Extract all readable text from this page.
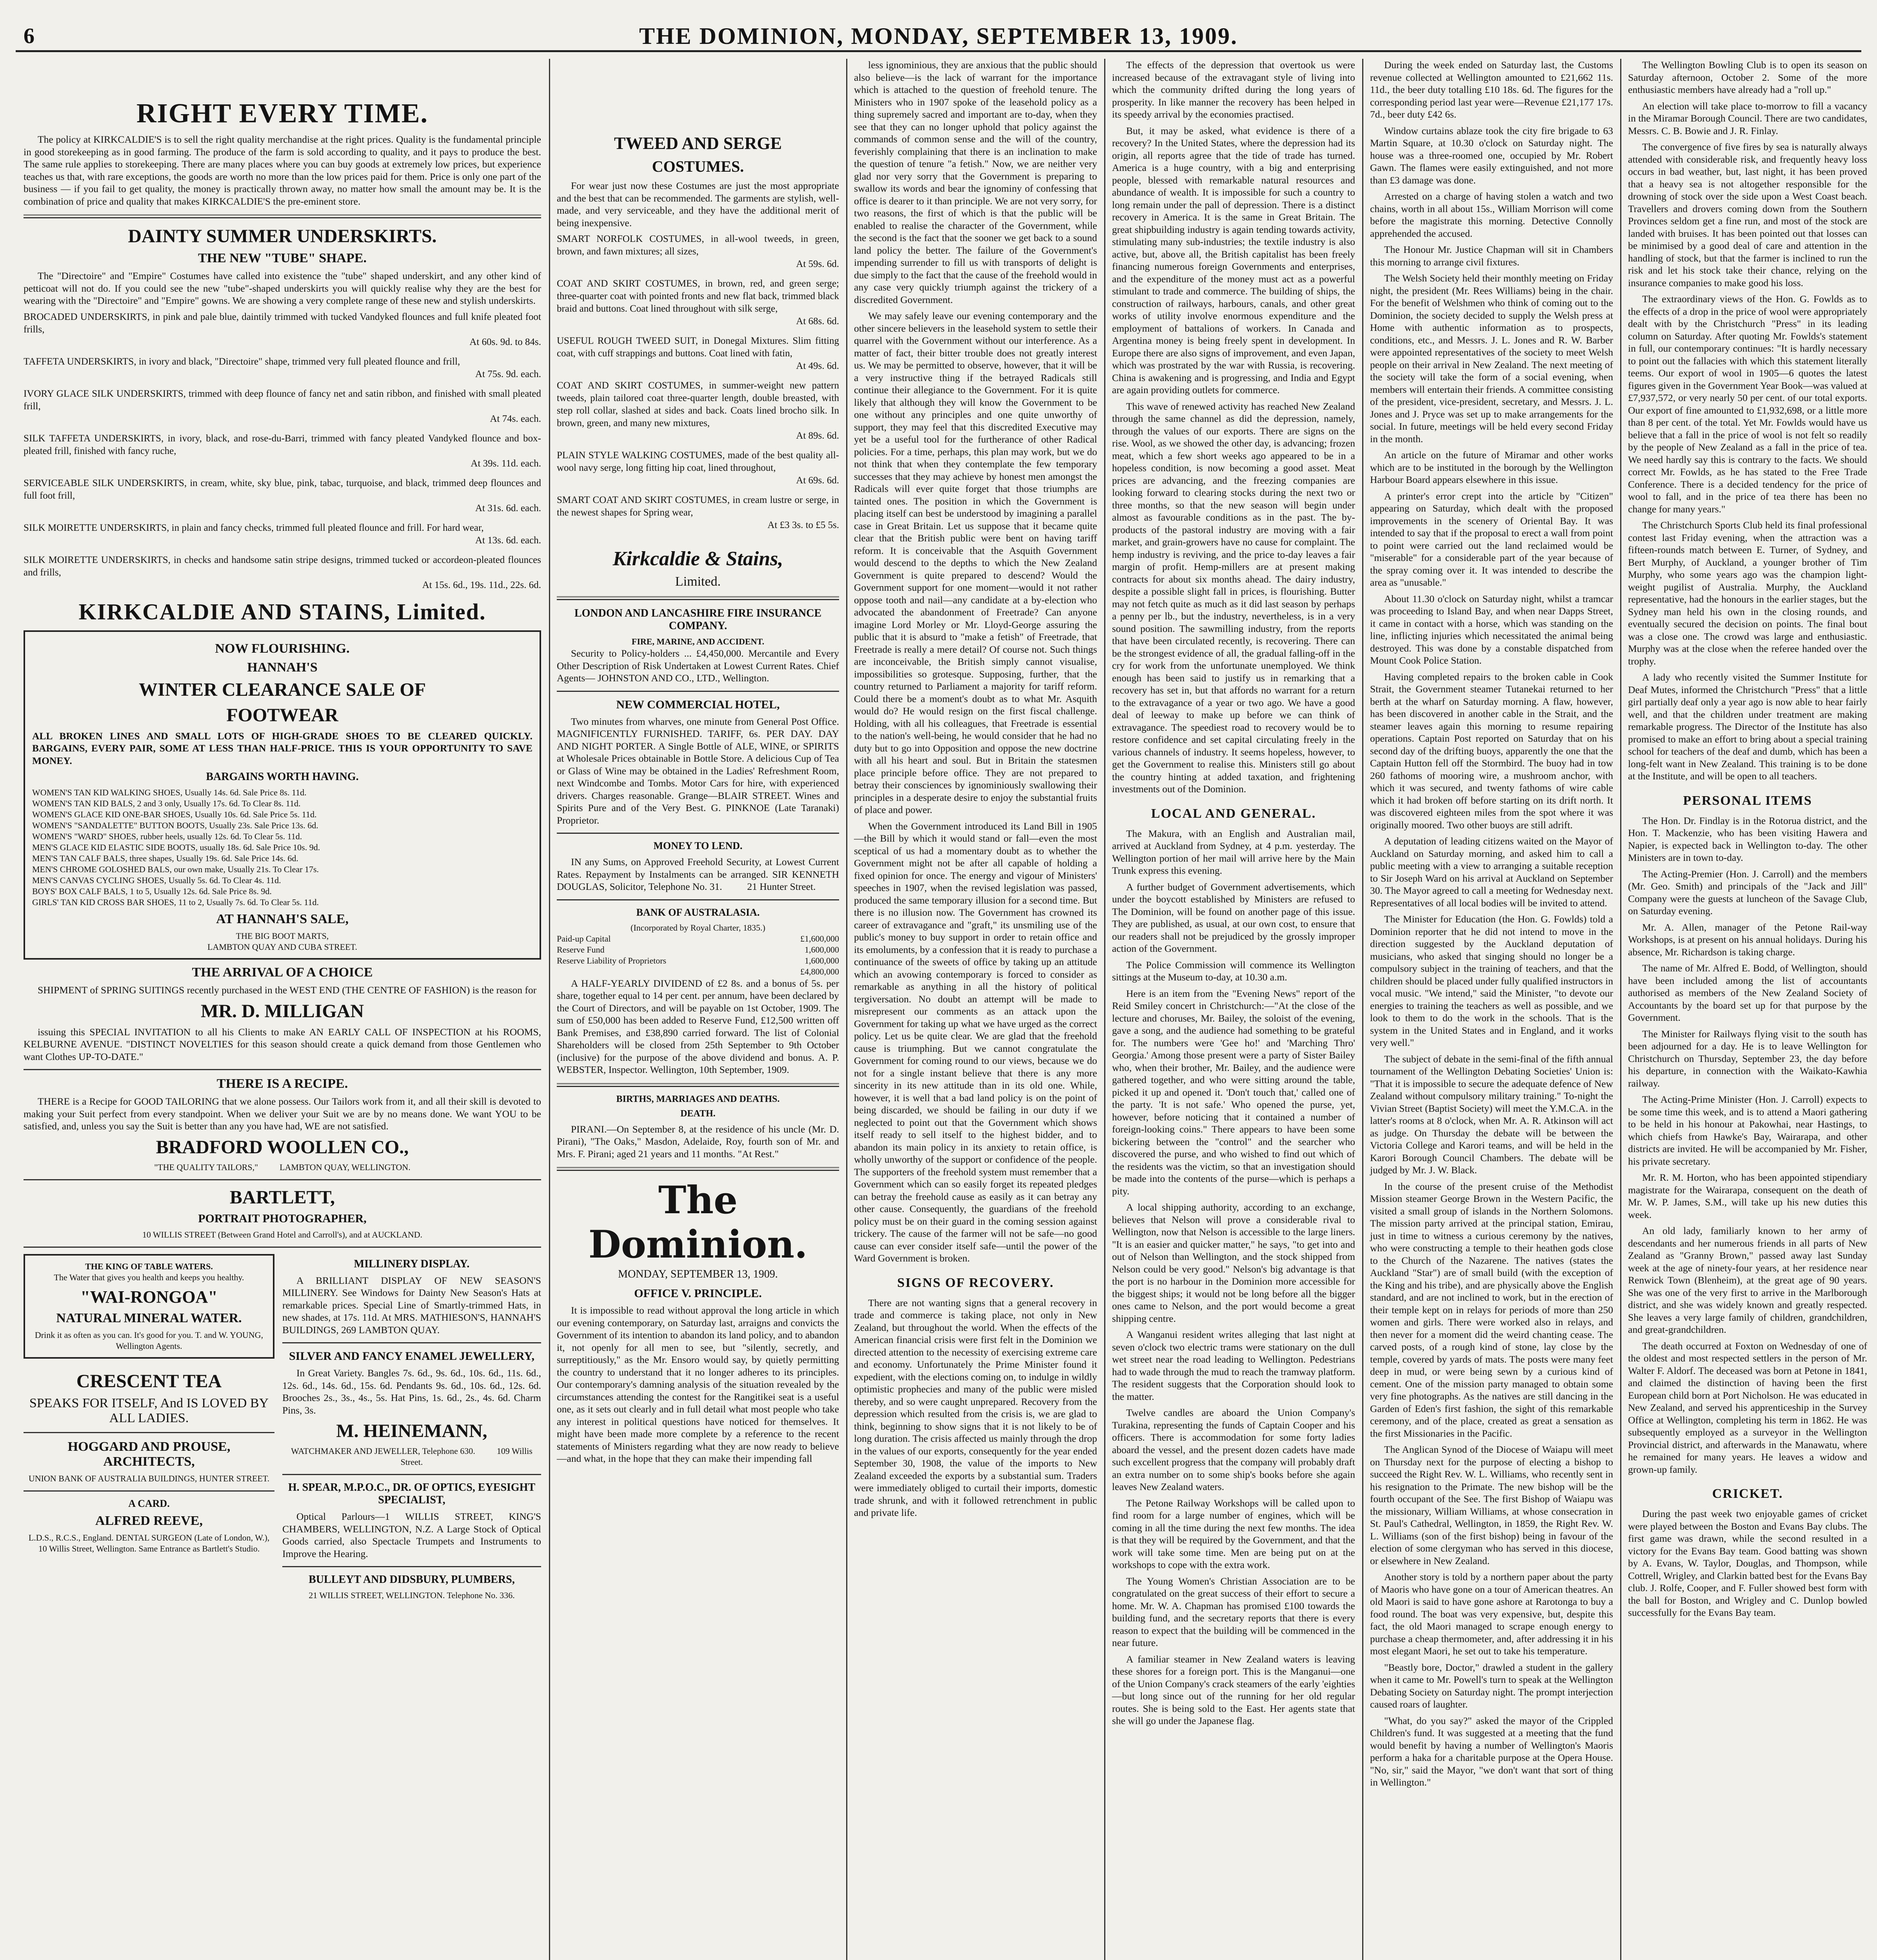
6	THE DOMINION, MONDAY, SEPTEMBER 13, 1909.
RIGHT EVERY TIME.

The policy at KIRKCALDIE'S is to sell the right quality merchandise at the right prices. Quality is the fundamental principle in good storekeeping as in good farming. The produce of the farm is sold according to quality, and it pays to produce the best. The same rule applies to storekeeping. There are many places where you can buy goods at extremely low prices, but experience teaches us that, with rare exceptions, the goods are worth no more than the low prices paid for them. Price is only one part of the business — if you fail to get quality, the money is practically thrown away, no matter how small the amount may be. It is the combination of price and quality that makes KIRKCALDIE'S the pre-eminent store.

DAINTY SUMMER UNDERSKIRTS.
THE NEW "TUBE" SHAPE.

The "Directoire" and "Empire" Costumes have called into existence the "tube" shaped underskirt, and any other kind of petticoat will not do. If you could see the new "tube"-shaped underskirts you will quickly realise why they are the best for wearing with the "Directoire" and "Empire" gowns. We are showing a very complete range of these new and stylish underskirts.

BROCADED UNDERSKIRTS, in pink and pale blue, daintily trimmed with tucked Vandyked flounces and full knife pleated foot frills,
At 60s. 9d. to 84s.
TAFFETA UNDERSKIRTS, in ivory and black, "Directoire" shape, trimmed very full pleated flounce and frill,
At 75s. 9d. each.
IVORY GLACE SILK UNDERSKIRTS, trimmed with deep flounce of fancy net and satin ribbon, and finished with small pleated frill,
At 74s. each.
SILK TAFFETA UNDERSKIRTS, in ivory, black, and rose-du-Barri, trimmed with fancy pleated Vandyked flounce and box-pleated frill, finished with fancy ruche,
At 39s. 11d. each.
SERVICEABLE SILK UNDERSKIRTS, in cream, white, sky blue, pink, tabac, turquoise, and black, trimmed deep flounces and full foot frill,
At 31s. 6d. each.
SILK MOIRETTE UNDERSKIRTS, in plain and fancy checks, trimmed full pleated flounce and frill. For hard wear,
At 13s. 6d. each.
SILK MOIRETTE UNDERSKIRTS, in checks and handsome satin stripe designs, trimmed tucked or accordeon-pleated flounces and frills,
At 15s. 6d., 19s. 11d., 22s. 6d.
KIRKCALDIE AND STAINS, Limited.
NOW FLOURISHING.
HANNAH'S
WINTER CLEARANCE SALE OF
FOOTWEAR

ALL BROKEN LINES AND SMALL LOTS OF HIGH-GRADE SHOES TO BE CLEARED QUICKLY. BARGAINS, EVERY PAIR, SOME AT LESS THAN HALF-PRICE. THIS IS YOUR OPPORTUNITY TO SAVE MONEY.

BARGAINS WORTH HAVING.
WOMEN'S TAN KID WALKING SHOES, Usually 14s. 6d. Sale Price 8s. 11d.
WOMEN'S TAN KID BALS, 2 and 3 only, Usually 17s. 6d. To Clear 8s. 11d.
WOMEN'S GLACE KID ONE-BAR SHOES, Usually 10s. 6d. Sale Price 5s. 11d.
WOMEN'S "SANDALETTE" BUTTON BOOTS, Usually 23s. Sale Price 13s. 6d.
WOMEN'S "WARD" SHOES, rubber heels, usually 12s. 6d. To Clear 5s. 11d.
MEN'S GLACE KID ELASTIC SIDE BOOTS, usually 18s. 6d. Sale Price 10s. 9d.
MEN'S TAN CALF BALS, three shapes, Usually 19s. 6d. Sale Price 14s. 6d.
MEN'S CHROME GOLOSHED BALS, our own make, Usually 21s. To Clear 17s.
MEN'S CANVAS CYCLING SHOES, Usually 5s. 6d. To Clear 4s. 11d.
BOYS' BOX CALF BALS, 1 to 5, Usually 12s. 6d. Sale Price 8s. 9d.
GIRLS' TAN KID CROSS BAR SHOES, 11 to 2, Usually 7s. 6d. To Clear 5s. 11d.
AT HANNAH'S SALE,
THE BIG BOOT MARTS,
LAMBTON QUAY AND CUBA STREET.
THE ARRIVAL OF A CHOICE

SHIPMENT of SPRING SUITINGS recently purchased in the WEST END (THE CENTRE OF FASHION) is the reason for

MR. D. MILLIGAN

issuing this SPECIAL INVITATION to all his Clients to make AN EARLY CALL OF INSPECTION at his ROOMS, KELBURNE AVENUE. "DISTINCT NOVELTIES for this season should create a quick demand from those Gentlemen who want Clothes UP-TO-DATE."

THERE IS A RECIPE.

THERE is a Recipe for GOOD TAILORING that we alone possess. Our Tailors work from it, and all their skill is devoted to making your Suit perfect from every standpoint. When we deliver your Suit we are by no means done. We want YOU to be satisfied, and, unless you say the Suit is better than any you have had, WE are not satisfied.

BRADFORD WOOLLEN CO.,
"THE QUALITY TAILORS,"          LAMBTON QUAY, WELLINGTON.
BARTLETT,
PORTRAIT PHOTOGRAPHER,
10 WILLIS STREET (Between Grand Hotel and Carroll's), and at AUCKLAND.
THE KING OF TABLE WATERS.
The Water that gives you health and keeps you healthy.
"WAI-RONGOA"
NATURAL MINERAL WATER.
Drink it as often as you can. It's good for you. T. and W. YOUNG, Wellington Agents.
CRESCENT TEA
SPEAKS FOR ITSELF, And IS LOVED BY ALL LADIES.
HOGGARD AND PROUSE, ARCHITECTS,
UNION BANK OF AUSTRALIA BUILDINGS, HUNTER STREET.
A CARD.
ALFRED REEVE,
L.D.S., R.C.S., England. DENTAL SURGEON (Late of London, W.), 10 Willis Street, Wellington. Same Entrance as Bartlett's Studio.
MILLINERY DISPLAY.

A BRILLIANT DISPLAY OF NEW SEASON'S MILLINERY. See Windows for Dainty New Season's Hats at remarkable prices. Special Line of Smartly-trimmed Hats, in new shades, at 17s. 11d. At MRS. MATHIESON'S, HANNAH'S BUILDINGS, 269 LAMBTON QUAY.

SILVER AND FANCY ENAMEL JEWELLERY,

In Great Variety. Bangles 7s. 6d., 9s. 6d., 10s. 6d., 11s. 6d., 12s. 6d., 14s. 6d., 15s. 6d. Pendants 9s. 6d., 10s. 6d., 12s. 6d. Brooches 2s., 3s., 4s., 5s. Hat Pins, 1s. 6d., 2s., 4s. 6d. Charm Pins, 3s.

M. HEINEMANN,
WATCHMAKER AND JEWELLER, Telephone 630.          109 Willis Street.
H. SPEAR, M.P.O.C., DR. OF OPTICS, EYESIGHT SPECIALIST,

Optical Parlours—1 WILLIS STREET, KING'S CHAMBERS, WELLINGTON, N.Z. A Large Stock of Optical Goods carried, also Spectacle Trumpets and Instruments to Improve the Hearing.

BULLEYT AND DIDSBURY, PLUMBERS,
21 WILLIS STREET, WELLINGTON. Telephone No. 336.
TWEED AND SERGE
COSTUMES.

For wear just now these Costumes are just the most appropriate and the best that can be recommended. The garments are stylish, well-made, and very serviceable, and they have the additional merit of being inexpensive.

SMART NORFOLK COSTUMES, in all-wool tweeds, in green, brown, and fawn mixtures; all sizes,
At 59s. 6d.
COAT AND SKIRT COSTUMES, in brown, red, and green serge; three-quarter coat with pointed fronts and new flat back, trimmed black braid and buttons. Coat lined throughout with silk serge,
At 68s. 6d.
USEFUL ROUGH TWEED SUIT, in Donegal Mixtures. Slim fitting coat, with cuff strappings and buttons. Coat lined with fatin,
At 49s. 6d.
COAT AND SKIRT COSTUMES, in summer-weight new pattern tweeds, plain tailored coat three-quarter length, double breasted, with step roll collar, slashed at sides and back. Coats lined brocho silk. In brown, green, and many new mixtures,
At 89s. 6d.
PLAIN STYLE WALKING COSTUMES, made of the best quality all-wool navy serge, long fitting hip coat, lined throughout,
At 69s. 6d.
SMART COAT AND SKIRT COSTUMES, in cream lustre or serge, in the newest shapes for Spring wear,
At £3 3s. to £5 5s.
Kirkcaldie & Stains,
Limited.
LONDON AND LANCASHIRE FIRE INSURANCE COMPANY.
FIRE, MARINE, AND ACCIDENT.

Security to Policy-holders ... £4,450,000. Mercantile and Every Other Description of Risk Undertaken at Lowest Current Rates. Chief Agents— JOHNSTON AND CO., LTD., Wellington.

NEW COMMERCIAL HOTEL,

Two minutes from wharves, one minute from General Post Office. MAGNIFICENTLY FURNISHED. TARIFF, 6s. PER DAY. DAY AND NIGHT PORTER. A Single Bottle of ALE, WINE, or SPIRITS at Wholesale Prices obtainable in Bottle Store. A delicious Cup of Tea or Glass of Wine may be obtained in the Ladies' Refreshment Room, next Windcombe and Tombs. Motor Cars for hire, with experienced drivers. Charges reasonable. Grange—BLAIR STREET. Wines and Spirits Pure and of the Very Best. G. PINKNOE (Late Taranaki) Proprietor.

MONEY TO LEND.

IN any Sums, on Approved Freehold Security, at Lowest Current Rates. Repayment by Instalments can be arranged. SIR KENNETH DOUGLAS, Solicitor, Telephone No. 31.          21 Hunter Street.

BANK OF AUSTRALASIA.
(Incorporated by Royal Charter, 1835.)
Paid-up Capital	£1,600,000
Reserve Fund	1,600,000
Reserve Liability of Proprietors	1,600,000
£4,800,000

A HALF-YEARLY DIVIDEND of £2 8s. and a bonus of 5s. per share, together equal to 14 per cent. per annum, have been declared by the Court of Directors, and will be payable on 1st October, 1909. The sum of £50,000 has been added to Reserve Fund, £12,500 written off Bank Premises, and £38,890 carried forward. The list of Colonial Shareholders will be closed from 25th September to 9th October (inclusive) for the purpose of the above dividend and bonus. A. P. WEBSTER, Inspector. Wellington, 10th September, 1909.

BIRTHS, MARRIAGES AND DEATHS.
DEATH.

PIRANI.—On September 8, at the residence of his uncle (Mr. D. Pirani), "The Oaks," Masdon, Adelaide, Roy, fourth son of Mr. and Mrs. F. Pirani; aged 21 years and 11 months. "At Rest."

The Dominion.
MONDAY, SEPTEMBER 13, 1909.
OFFICE V. PRINCIPLE.

It is impossible to read without approval the long article in which our evening contemporary, on Saturday last, arraigns and convicts the Government of its intention to abandon its land policy, and to abandon it, not openly for all men to see, but "silently, secretly, and surreptitiously," as the Mr. Ensoro would say, by quietly permitting the country to understand that it no longer adheres to its principles. Our contemporary's damning analysis of the situation revealed by the circumstances attending the contest for the Rangitikei seat is a useful one, as it sets out clearly and in full detail what most people who take any interest in political questions have noticed for themselves. It might have been made more complete by a reference to the recent statements of Ministers regarding what they are now ready to believe—and what, in the hope that they can make their impending fall

less ignominious, they are anxious that the public should also believe—is the lack of warrant for the importance which is attached to the question of freehold tenure. The Ministers who in 1907 spoke of the leasehold policy as a thing supremely sacred and important are to-day, when they see that they can no longer uphold that policy against the commands of common sense and the will of the country, feverishly complaining that there is an inclination to make the question of tenure "a fetish." Now, we are neither very glad nor very sorry that the Government is preparing to swallow its words and bear the ignominy of confessing that office is dearer to it than principle. We are not very sorry, for two reasons, the first of which is that the public will be enabled to realise the character of the Government, while the second is the fact that the sooner we get back to a sound land policy the better. The failure of the Government's impending surrender to fill us with transports of delight is due simply to the fact that the cause of the freehold would in any case very quickly triumph against the trickery of a discredited Government.

We may safely leave our evening contemporary and the other sincere believers in the leasehold system to settle their quarrel with the Government without our interference. As a matter of fact, their bitter trouble does not greatly interest us. We may be permitted to observe, however, that it will be a very instructive thing if the betrayed Radicals still continue their allegiance to the Government. For it is quite likely that although they will know the Government to be one without any principles and one quite unworthy of support, they may feel that this discredited Executive may yet be a useful tool for the furtherance of other Radical policies. For a time, perhaps, this plan may work, but we do not think that when they contemplate the few temporary successes that they may achieve by honest men amongst the Radicals will ever quite forget that those triumphs are tainted ones. The position in which the Government is placing itself can best be understood by imagining a parallel case in Great Britain. Let us suppose that it became quite clear that the British public were bent on having tariff reform. It is conceivable that the Asquith Government would descend to the depths to which the New Zealand Government is quite prepared to descend? Would the Government support for one moment—would it not rather oppose tooth and nail—any candidate at a by-election who advocated the abandonment of Freetrade? Can anyone imagine Lord Morley or Mr. Lloyd-George assuring the public that it is absurd to "make a fetish" of Freetrade, that Freetrade is really a mere detail? Of course not. Such things are inconceivable, the British simply cannot visualise, impossibilities so grotesque. Supposing, further, that the country returned to Parliament a majority for tariff reform. Could there be a moment's doubt as to what Mr. Asquith would do? He would resign on the first fiscal challenge. Holding, with all his colleagues, that Freetrade is essential to the nation's well-being, he would consider that he had no duty but to go into Opposition and oppose the new doctrine with all his heart and soul. But in Britain the statesmen place principle before office. They are not prepared to betray their consciences by ignominiously swallowing their principles in a desperate desire to enjoy the substantial fruits of place and power.

When the Government introduced its Land Bill in 1905—the Bill by which it would stand or fall—even the most sceptical of us had a momentary doubt as to whether the Government might not be after all capable of holding a fixed opinion for once. The energy and vigour of Ministers' speeches in 1907, when the revised legislation was passed, produced the same temporary illusion for a second time. But there is no illusion now. The Government has crowned its career of extravagance and "graft," its unsmiling use of the public's money to buy support in order to retain office and its emoluments, by a confession that it is ready to purchase a continuance of the sweets of office by taking up an attitude which an avowing contemporary is forced to consider as remarkable as anything in all the history of political tergiversation. No doubt an attempt will be made to misrepresent our comments as an attack upon the Government for taking up what we have urged as the correct policy. Let us be quite clear. We are glad that the freehold cause is triumphing. But we cannot congratulate the Government for coming round to our views, because we do not for a single instant believe that there is any more sincerity in its new attitude than in its old one. While, however, it is well that a bad land policy is on the point of being discarded, we should be failing in our duty if we neglected to point out that the Government which shows itself ready to sell itself to the highest bidder, and to abandon its main policy in its anxiety to retain office, is wholly unworthy of the support or confidence of the people. The supporters of the freehold system must remember that a Government which can so easily forget its repeated pledges can betray the freehold cause as easily as it can betray any other cause. Consequently, the guardians of the freehold policy must be on their guard in the coming session against trickery. The cause of the farmer will not be safe—no good cause can ever consider itself safe—until the power of the Ward Government is broken.

SIGNS OF RECOVERY.

There are not wanting signs that a general recovery in trade and commerce is taking place, not only in New Zealand, but throughout the world. When the effects of the American financial crisis were first felt in the Dominion we directed attention to the necessity of exercising extreme care and economy. Unfortunately the Prime Minister found it expedient, with the elections coming on, to indulge in wildly optimistic prophecies and many of the public were misled thereby, and so were caught unprepared. Recovery from the depression which resulted from the crisis is, we are glad to think, beginning to show signs that it is not likely to be of long duration. The crisis affected us mainly through the drop in the values of our exports, consequently for the year ended September 30, 1908, the value of the imports to New Zealand exceeded the exports by a substantial sum. Traders were immediately obliged to curtail their imports, domestic trade shrunk, and with it followed retrenchment in public and private life.

The effects of the depression that overtook us were increased because of the extravagant style of living into which the community drifted during the long years of prosperity. In like manner the recovery has been helped in its speedy arrival by the economies practised.

But, it may be asked, what evidence is there of a recovery? In the United States, where the depression had its origin, all reports agree that the tide of trade has turned. America is a huge country, with a big and enterprising people, blessed with remarkable natural resources and abundance of wealth. It is impossible for such a country to long remain under the pall of depression. There is a distinct recovery in America. It is the same in Great Britain. The great shipbuilding industry is again tending towards activity, stimulating many sub-industries; the textile industry is also active, but, above all, the British capitalist has been freely financing numerous foreign Governments and enterprises, and the expenditure of the money must act as a powerful stimulant to trade and commerce. The building of ships, the construction of railways, harbours, canals, and other great works of utility involve enormous expenditure and the employment of battalions of workers. In Canada and Argentina money is being freely spent in development. In Europe there are also signs of improvement, and even Japan, which was prostrated by the war with Russia, is recovering. China is awakening and is progressing, and India and Egypt are again providing outlets for commerce.

This wave of renewed activity has reached New Zealand through the same channel as did the depression, namely, through the values of our exports. There are signs on the rise. Wool, as we showed the other day, is advancing; frozen meat, which a few short weeks ago appeared to be in a hopeless condition, is now becoming a good asset. Meat prices are advancing, and the freezing companies are looking forward to clearing stocks during the next two or three months, so that the new season will begin under almost as favourable conditions as in the past. The by-products of the pastoral industry are moving with a fair market, and grain-growers have no cause for complaint. The hemp industry is reviving, and the price to-day leaves a fair margin of profit. Hemp-millers are at present making contracts for about six months ahead. The dairy industry, despite a possible slight fall in prices, is flourishing. Butter may not fetch quite as much as it did last season by perhaps a penny per lb., but the industry, nevertheless, is in a very sound position. The sawmilling industry, from the reports that have been circulated recently, is recovering. There can be the strongest evidence of all, the gradual falling-off in the cry for work from the unfortunate unemployed. We think enough has been said to justify us in remarking that a recovery has set in, but that affords no warrant for a return to the extravagance of a year or two ago. We have a good deal of leeway to make up before we can think of extravagance. The speediest road to recovery would be to restore confidence and set capital circulating freely in the various channels of industry. It seems hopeless, however, to get the Government to realise this. Ministers still go about the country hinting at added taxation, and frightening investments out of the Dominion.

LOCAL AND GENERAL.

The Makura, with an English and Australian mail, arrived at Auckland from Sydney, at 4 p.m. yesterday. The Wellington portion of her mail will arrive here by the Main Trunk express this evening.

A further budget of Government advertisements, which under the boycott established by Ministers are refused to The Dominion, will be found on another page of this issue. They are published, as usual, at our own cost, to ensure that our readers shall not be prejudiced by the grossly improper action of the Government.

The Police Commission will commence its Wellington sittings at the Museum to-day, at 10.30 a.m.

Here is an item from the "Evening News" report of the Reid Smiley concert in Christchurch:—"At the close of the lecture and choruses, Mr. Bailey, the soloist of the evening, gave a song, and the audience had something to be grateful for. The numbers were 'Gee ho!' and 'Marching Thro' Georgia.' Among those present were a party of Sister Bailey who, when their brother, Mr. Bailey, and the audience were gathered together, and who were sitting around the table, picked it up and opened it. 'Don't touch that,' called one of the party. 'It is not safe.' Who opened the purse, yet, however, before noticing that it contained a number of foreign-looking coins." There appears to have been some bickering between the "control" and the searcher who discovered the purse, and who wished to find out which of the residents was the victim, so that an investigation should be made into the contents of the purse—which is perhaps a pity.

A local shipping authority, according to an exchange, believes that Nelson will prove a considerable rival to Wellington, now that Nelson is accessible to the large liners. "It is an easier and quicker matter," he says, "to get into and out of Nelson than Wellington, and the stock shipped from Nelson could be very good." Nelson's big advantage is that the port is no harbour in the Dominion more accessible for the biggest ships; it would not be long before all the bigger ones came to Nelson, and the port would become a great shipping centre.

A Wanganui resident writes alleging that last night at seven o'clock two electric trams were stationary on the dull wet street near the road leading to Wellington. Pedestrians had to wade through the mud to reach the tramway platform. The resident suggests that the Corporation should look to the matter.

Twelve candles are aboard the Union Company's Turakina, representing the funds of Captain Cooper and his officers. There is accommodation for some forty ladies aboard the vessel, and the present dozen cadets have made such excellent progress that the company will probably draft an extra number on to some ship's books before she again leaves New Zealand waters.

The Petone Railway Workshops will be called upon to find room for a large number of engines, which will be coming in all the time during the next few months. The idea is that they will be required by the Government, and that the work will take some time. Men are being put on at the workshops to cope with the extra work.

The Young Women's Christian Association are to be congratulated on the great success of their effort to secure a home. Mr. W. A. Chapman has promised £100 towards the building fund, and the secretary reports that there is every reason to expect that the building will be commenced in the near future.

A familiar steamer in New Zealand waters is leaving these shores for a foreign port. This is the Manganui—one of the Union Company's crack steamers of the early 'eighties—but long since out of the running for her old regular routes. She is being sold to the East. Her agents state that she will go under the Japanese flag.

During the week ended on Saturday last, the Customs revenue collected at Wellington amounted to £21,662 11s. 11d., the beer duty totalling £10 18s. 6d. The figures for the corresponding period last year were—Revenue £21,177 17s. 7d., beer duty £42 6s.

Window curtains ablaze took the city fire brigade to 63 Martin Square, at 10.30 o'clock on Saturday night. The house was a three-roomed one, occupied by Mr. Robert Gawn. The flames were easily extinguished, and not more than £3 damage was done.

Arrested on a charge of having stolen a watch and two chains, worth in all about 15s., William Morrison will come before the magistrate this morning. Detective Connolly apprehended the accused.

The Honour Mr. Justice Chapman will sit in Chambers this morning to arrange civil fixtures.

The Welsh Society held their monthly meeting on Friday night, the president (Mr. Rees Williams) being in the chair. For the benefit of Welshmen who think of coming out to the Dominion, the society decided to supply the Welsh press at Home with authentic information as to prospects, conditions, etc., and Messrs. J. L. Jones and R. W. Barber were appointed representatives of the society to meet Welsh people on their arrival in New Zealand. The next meeting of the society will take the form of a social evening, when members will entertain their friends. A committee consisting of the president, vice-president, secretary, and Messrs. J. L. Jones and J. Pryce was set up to make arrangements for the social. In future, meetings will be held every second Friday in the month.

An article on the future of Miramar and other works which are to be instituted in the borough by the Wellington Harbour Board appears elsewhere in this issue.

A printer's error crept into the article by "Citizen" appearing on Saturday, which dealt with the proposed improvements in the scenery of Oriental Bay. It was intended to say that if the proposal to erect a wall from point to point were carried out the land reclaimed would be "miserable" for a considerable part of the year because of the spray coming over it. It was intended to describe the area as "unusable."

About 11.30 o'clock on Saturday night, whilst a tramcar was proceeding to Island Bay, and when near Dapps Street, it came in contact with a horse, which was standing on the line, inflicting injuries which necessitated the animal being destroyed. This was done by a constable dispatched from Mount Cook Police Station.

Having completed repairs to the broken cable in Cook Strait, the Government steamer Tutanekai returned to her berth at the wharf on Saturday morning. A flaw, however, has been discovered in another cable in the Strait, and the steamer leaves again this morning to resume repairing operations. Captain Post reported on Saturday that on his second day of the drifting buoys, apparently the one that the Captain Hutton fell off the Stormbird. The buoy had in tow 260 fathoms of mooring wire, a mushroom anchor, with which it was secured, and twenty fathoms of wire cable which it had broken off before starting on its drift north. It was discovered eighteen miles from the spot where it was originally moored. Two other buoys are still adrift.

A deputation of leading citizens waited on the Mayor of Auckland on Saturday morning, and asked him to call a public meeting with a view to arranging a suitable reception to Sir Joseph Ward on his arrival at Auckland on September 30. The Mayor agreed to call a meeting for Wednesday next. Representatives of all local bodies will be invited to attend.

The Minister for Education (the Hon. G. Fowlds) told a Dominion reporter that he did not intend to move in the direction suggested by the Auckland deputation of musicians, who asked that singing should no longer be a compulsory subject in the training of teachers, and that the children should be placed under fully qualified instructors in vocal music. "We intend," said the Minister, "to devote our energies to training the teachers as well as possible, and we look to them to do the work in the schools. That is the system in the United States and in England, and it works very well."

The subject of debate in the semi-final of the fifth annual tournament of the Wellington Debating Societies' Union is: "That it is impossible to secure the adequate defence of New Zealand without compulsory military training." To-night the Vivian Street (Baptist Society) will meet the Y.M.C.A. in the latter's rooms at 8 o'clock, when Mr. A. R. Atkinson will act as judge. On Thursday the debate will be between the Victoria College and Karori teams, and will be held in the Karori Borough Council Chambers. The debate will be judged by Mr. J. W. Black.

In the course of the present cruise of the Methodist Mission steamer George Brown in the Western Pacific, the visited a small group of islands in the Northern Solomons. The mission party arrived at the principal station, Emirau, just in time to witness a curious ceremony by the natives, who were constructing a temple to their heathen gods close to the Church of the Nazarene. The natives (states the Auckland "Star") are of small build (with the exception of the King and his tribe), and are physically above the English standard, and are not inclined to work, but in the erection of their temple kept on in relays for periods of more than 250 women and girls. There were worked also in relays, and then never for a moment did the weird chanting cease. The carved posts, of a rough kind of stone, lay close by the temple, covered by yards of mats. The posts were many feet deep in mud, or were being sewn by a curious kind of cement. One of the mission party managed to obtain some very fine photographs. As the natives are still dancing in the Garden of Eden's first fashion, the sight of this remarkable ceremony, and of the place, created as great a sensation as the first Missionaries in the Pacific.

The Anglican Synod of the Diocese of Waiapu will meet on Thursday next for the purpose of electing a bishop to succeed the Right Rev. W. L. Williams, who recently sent in his resignation to the Primate. The new bishop will be the fourth occupant of the See. The first Bishop of Waiapu was the missionary, William Williams, at whose consecration in St. Paul's Cathedral, Wellington, in 1859, the Right Rev. W. L. Williams (son of the first bishop) being in favour of the election of some clergyman who has served in this diocese, or elsewhere in New Zealand.

Another story is told by a northern paper about the party of Maoris who have gone on a tour of American theatres. An old Maori is said to have gone ashore at Rarotonga to buy a food round. The boat was very expensive, but, despite this fact, the old Maori managed to scrape enough energy to purchase a cheap thermometer, and, after addressing it in his most elegant Maori, he set out to take his temperature.

"Beastly bore, Doctor," drawled a student in the gallery when it came to Mr. Powell's turn to speak at the Wellington Debating Society on Saturday night. The prompt interjection caused roars of laughter.

"What, do you say?" asked the mayor of the Crippled Children's fund. It was suggested at a meeting that the fund would benefit by having a number of Wellington's Maoris perform a haka for a charitable purpose at the Opera House. "No, sir," said the Mayor, "we don't want that sort of thing in Wellington."

The Wellington Bowling Club is to open its season on Saturday afternoon, October 2. Some of the more enthusiastic members have already had a "roll up."

An election will take place to-morrow to fill a vacancy in the Miramar Borough Council. There are two candidates, Messrs. C. B. Bowie and J. R. Finlay.

The convergence of five fires by sea is naturally always attended with considerable risk, and frequently heavy loss occurs in bad weather, but, last night, it has been proved that a heavy sea is not altogether responsible for the drowning of stock over the side upon a West Coast beach. Travellers and drovers coming down from the Southern Provinces seldom get a fine run, and most of the stock are landed with bruises. It has been pointed out that losses can be minimised by a good deal of care and attention in the handling of stock, but that the farmer is inclined to run the risk and let his stock take their chance, relying on the insurance companies to make good his loss.

The extraordinary views of the Hon. G. Fowlds as to the effects of a drop in the price of wool were appropriately dealt with by the Christchurch "Press" in its leading column on Saturday. After quoting Mr. Fowlds's statement in full, our contemporary continues: "It is hardly necessary to point out the fallacies with which this statement literally teems. Our export of wool in 1905—6 quotes the latest figures given in the Government Year Book—was valued at £7,937,572, or very nearly 50 per cent. of our total exports. Our export of fine amounted to £1,932,698, or a little more than 8 per cent. of the total. Yet Mr. Fowlds would have us believe that a fall in the price of wool is not felt so readily by the people of New Zealand as a fall in the price of tea. We need hardly say this is contrary to the facts. We should correct Mr. Fowlds, as he has stated to the Free Trade Conference. There is a decided tendency for the price of wool to fall, and in the price of tea there has been no change for many years."

The Christchurch Sports Club held its final professional contest last Friday evening, when the attraction was a fifteen-rounds match between E. Turner, of Sydney, and Bert Murphy, of Auckland, a younger brother of Tim Murphy, who some years ago was the champion light-weight pugilist of Australia. Murphy, the Auckland representative, had the honours in the earlier stages, but the Sydney man held his own in the closing rounds, and eventually secured the decision on points. The final bout was a close one. The crowd was large and enthusiastic. Murphy was at the close when the referee handed over the trophy.

A lady who recently visited the Summer Institute for Deaf Mutes, informed the Christchurch "Press" that a little girl partially deaf only a year ago is now able to hear fairly well, and that the children under treatment are making remarkable progress. The Director of the Institute has also promised to make an effort to bring about a special training school for teachers of the deaf and dumb, which has been a long-felt want in New Zealand. This training is to be done at the Institute, and will be open to all teachers.

PERSONAL ITEMS

The Hon. Dr. Findlay is in the Rotorua district, and the Hon. T. Mackenzie, who has been visiting Hawera and Napier, is expected back in Wellington to-day. The other Ministers are in town to-day.

The Acting-Premier (Hon. J. Carroll) and the members (Mr. Geo. Smith) and principals of the "Jack and Jill" Company were the guests at luncheon of the Savage Club, on Saturday evening.

Mr. A. Allen, manager of the Petone Rail-way Workshops, is at present on his annual holidays. During his absence, Mr. Richardson is taking charge.

The name of Mr. Alfred E. Bodd, of Wellington, should have been included among the list of accountants authorised as members of the New Zealand Society of Accountants by the board set up for that purpose by the Government.

The Minister for Railways flying visit to the south has been adjourned for a day. He is to leave Wellington for Christchurch on Thursday, September 23, the day before his departure, in connection with the Waikato-Kawhia railway.

The Acting-Prime Minister (Hon. J. Carroll) expects to be some time this week, and is to attend a Maori gathering to be held in his honour at Pakowhai, near Hastings, to which chiefs from Hawke's Bay, Wairarapa, and other districts are invited. He will be accompanied by Mr. Fisher, his private secretary.

Mr. R. M. Horton, who has been appointed stipendiary magistrate for the Wairarapa, consequent on the death of Mr. W. P. James, S.M., will take up his new duties this week.

An old lady, familiarly known to her army of descendants and her numerous friends in all parts of New Zealand as "Granny Brown," passed away last Sunday week at the age of ninety-four years, at her residence near Renwick Town (Blenheim), at the great age of 90 years. She was one of the very first to arrive in the Marlborough district, and she was widely known and greatly respected. She leaves a very large family of children, grandchildren, and great-grandchildren.

The death occurred at Foxton on Wednesday of one of the oldest and most respected settlers in the person of Mr. Walter F. Aldorf. The deceased was born at Petone in 1841, and claimed the distinction of having been the first European child born at Port Nicholson. He was educated in New Zealand, and served his apprenticeship in the Survey Office at Wellington, completing his term in 1862. He was subsequently employed as a surveyor in the Wellington Provincial district, and afterwards in the Manawatu, where he remained for many years. He leaves a widow and grown-up family.

CRICKET.

During the past week two enjoyable games of cricket were played between the Boston and Evans Bay clubs. The first game was drawn, while the second resulted in a victory for the Evans Bay team. Good batting was shown by A. Evans, W. Taylor, Douglas, and Thompson, while Cottrell, Wrigley, and Clarkin batted best for the Evans Bay club. J. Rolfe, Cooper, and F. Fuller showed best form with the ball for Boston, and Wrigley and C. Dunlop bowled successfully for the Evans Bay team.
